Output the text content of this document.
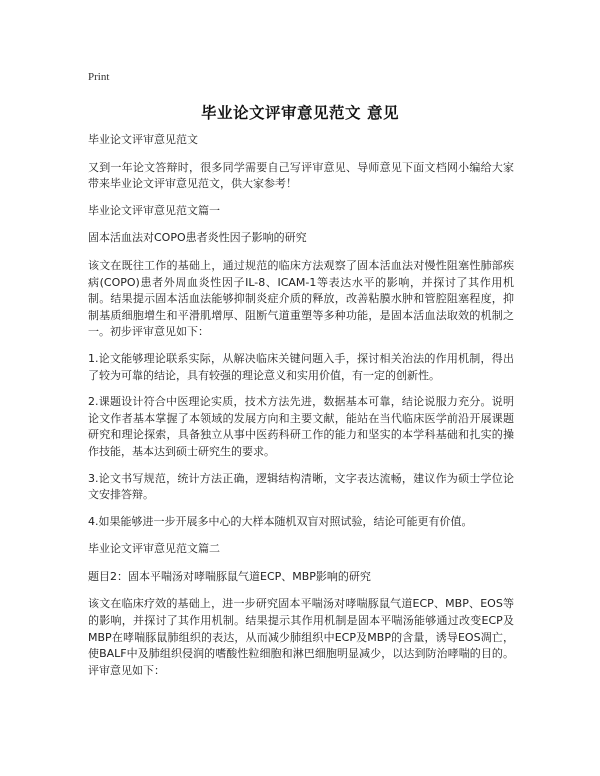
Print
毕业论文评审意见范文 意见

毕业论文评审意见范文

又到一年论文答辩时，很多同学需要自己写评审意见、导师意见下面文档网小编给大家带来毕业论文评审意见范文，供大家参考！

毕业论文评审意见范文篇一

固本活血法对COPO患者炎性因子影响的研究

该文在既往工作的基础上，通过规范的临床方法观察了固本活血法对慢性阻塞性肺部疾病(COPO)患者外周血炎性因子IL-8、ICAM-1等表达水平的影响，并探讨了其作用机制。结果提示固本活血法能够抑制炎症介质的释放，改善粘膜水肿和管腔阻塞程度，抑制基质细胞增生和平滑肌增厚、阻断气道重塑等多种功能，是固本活血法取效的机制之一。初步评审意见如下：

1.论文能够理论联系实际，从解决临床关键问题入手，探讨相关治法的作用机制，得出了较为可靠的结论，具有较强的理论意义和实用价值，有一定的创新性。

2.课题设计符合中医理论实质，技术方法先进，数据基本可靠，结论说服力充分。说明论文作者基本掌握了本领域的发展方向和主要文献，能站在当代临床医学前沿开展课题研究和理论探索，具备独立从事中医药科研工作的能力和坚实的本学科基础和扎实的操作技能，基本达到硕士研究生的要求。

3.论文书写规范，统计方法正确，逻辑结构清晰，文字表达流畅，建议作为硕士学位论文安排答辩。

4.如果能够进一步开展多中心的大样本随机双盲对照试验，结论可能更有价值。

毕业论文评审意见范文篇二

题目2：固本平喘汤对哮喘豚鼠气道ECP、MBP影响的研究

该文在临床疗效的基础上，进一步研究固本平喘汤对哮喘豚鼠气道ECP、MBP、EOS等的影响，并探讨了其作用机制。结果提示其作用机制是固本平喘汤能够通过改变ECP及MBP在哮喘豚鼠肺组织的表达，从而减少肺组织中ECP及MBP的含量，诱导EOS凋亡，使BALF中及肺组织侵润的嗜酸性粒细胞和淋巴细胞明显减少，以达到防治哮喘的目的。评审意见如下：
